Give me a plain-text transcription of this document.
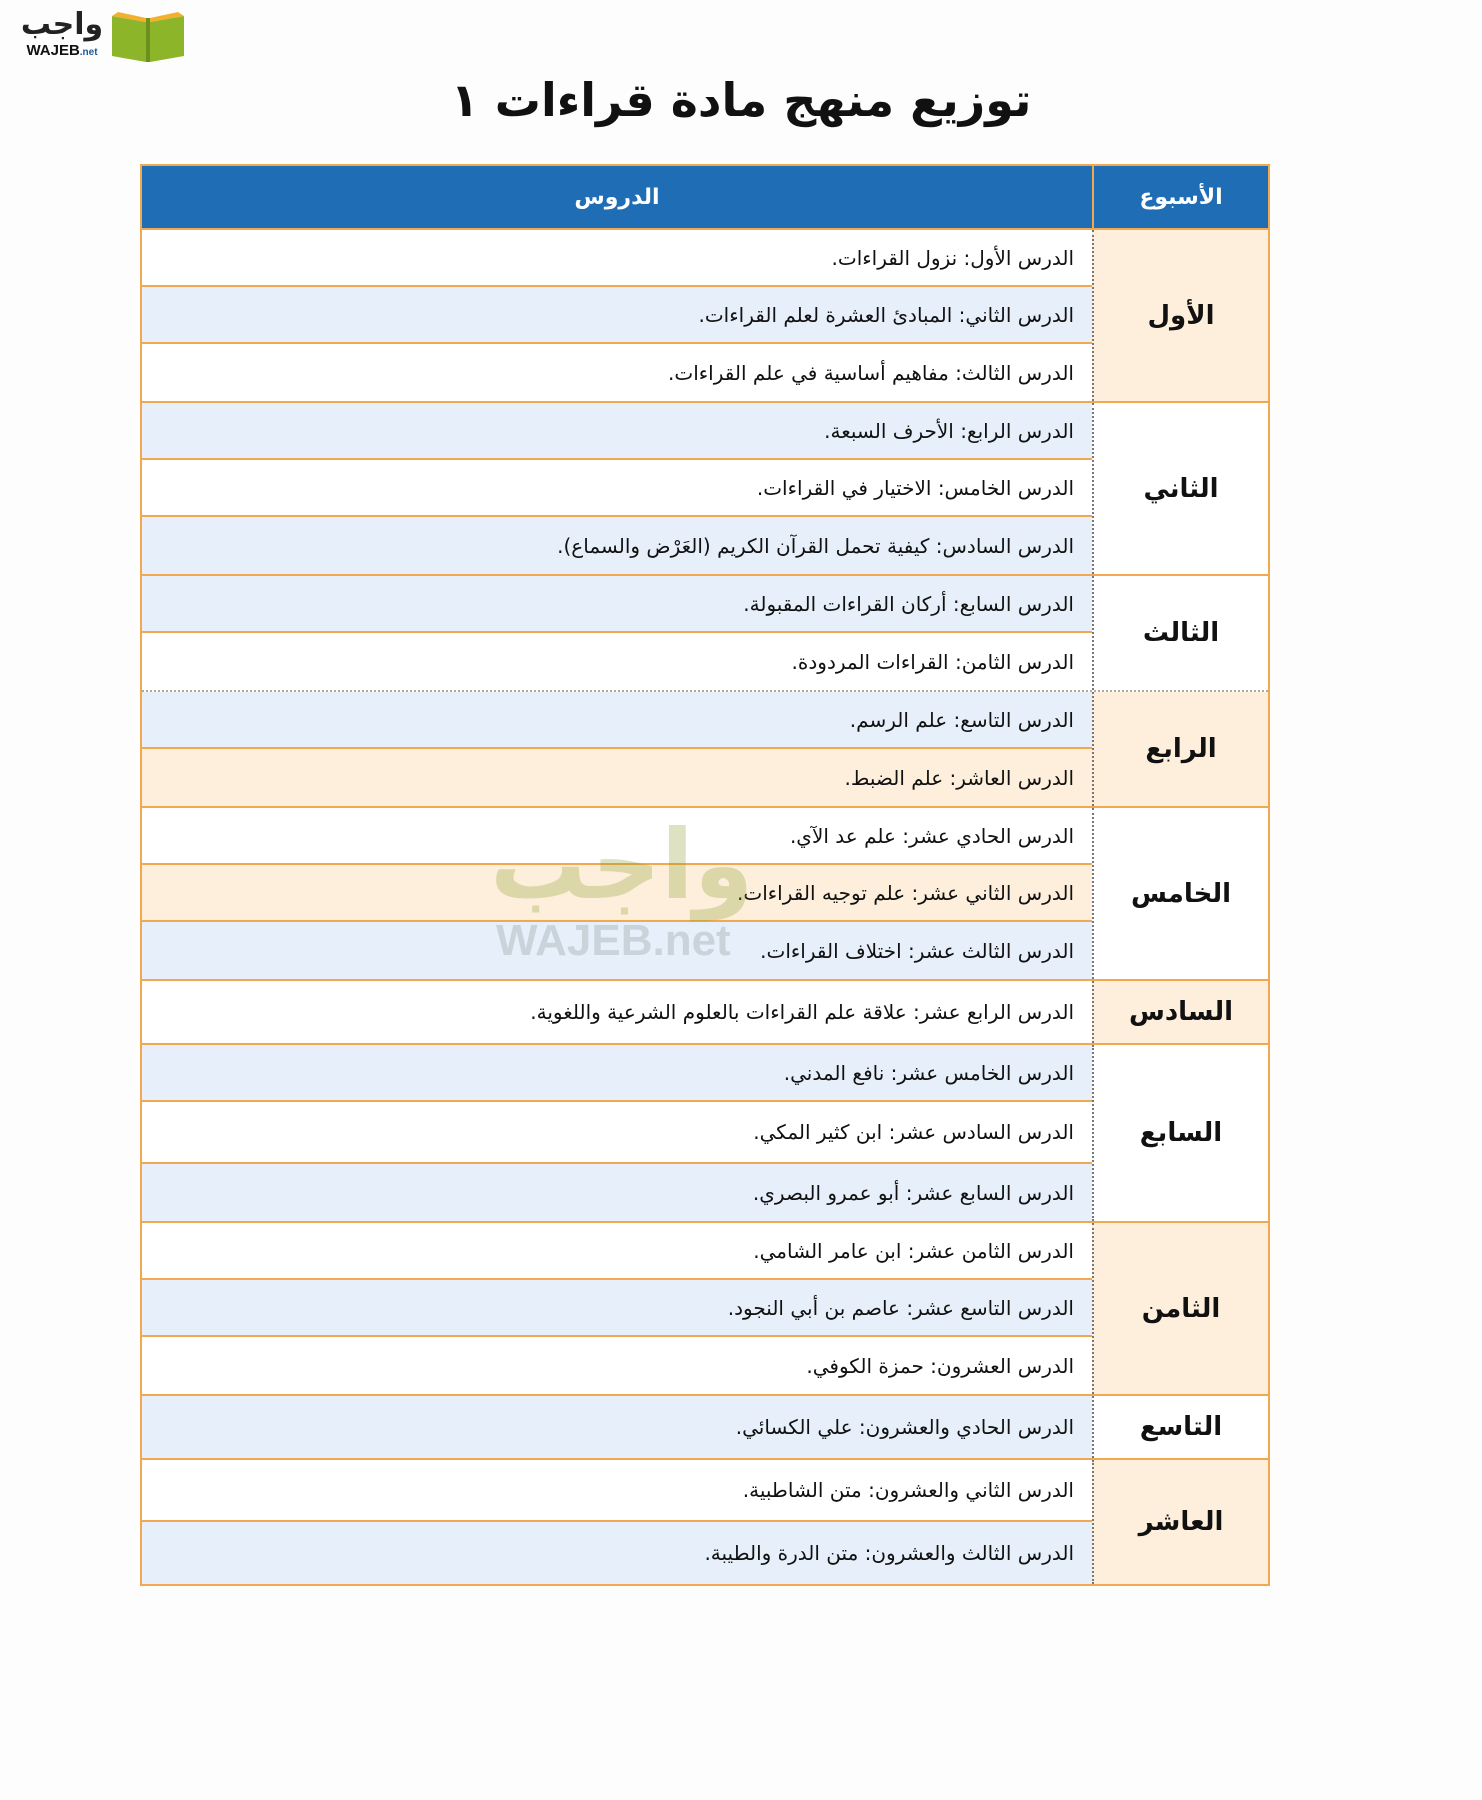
واجب
WAJEB.net
توزيع منهج مادة قراءات ١
الأسبوع
الدروس
الأول
الدرس الأول: نزول القراءات.
الدرس الثاني: المبادئ العشرة لعلم القراءات.
الدرس الثالث: مفاهيم أساسية في علم القراءات.
الثاني
الدرس الرابع: الأحرف السبعة.
الدرس الخامس: الاختيار في القراءات.
الدرس السادس: كيفية تحمل القرآن الكريم (العَرْض والسماع).
الثالث
الدرس السابع: أركان القراءات المقبولة.
الدرس الثامن: القراءات المردودة.
الرابع
الدرس التاسع: علم الرسم.
الدرس العاشر: علم الضبط.
الخامس
الدرس الحادي عشر: علم عد الآي.
الدرس الثاني عشر: علم توجيه القراءات.
الدرس الثالث عشر: اختلاف القراءات.
السادس
الدرس الرابع عشر: علاقة علم القراءات بالعلوم الشرعية واللغوية.
السابع
الدرس الخامس عشر: نافع المدني.
الدرس السادس عشر: ابن كثير المكي.
الدرس السابع عشر: أبو عمرو البصري.
الثامن
الدرس الثامن عشر: ابن عامر الشامي.
الدرس التاسع عشر: عاصم بن أبي النجود.
الدرس العشرون: حمزة الكوفي.
التاسع
الدرس الحادي والعشرون: علي الكسائي.
العاشر
الدرس الثاني والعشرون: متن الشاطبية.
الدرس الثالث والعشرون: متن الدرة والطيبة.
واجب
WAJEB.net
